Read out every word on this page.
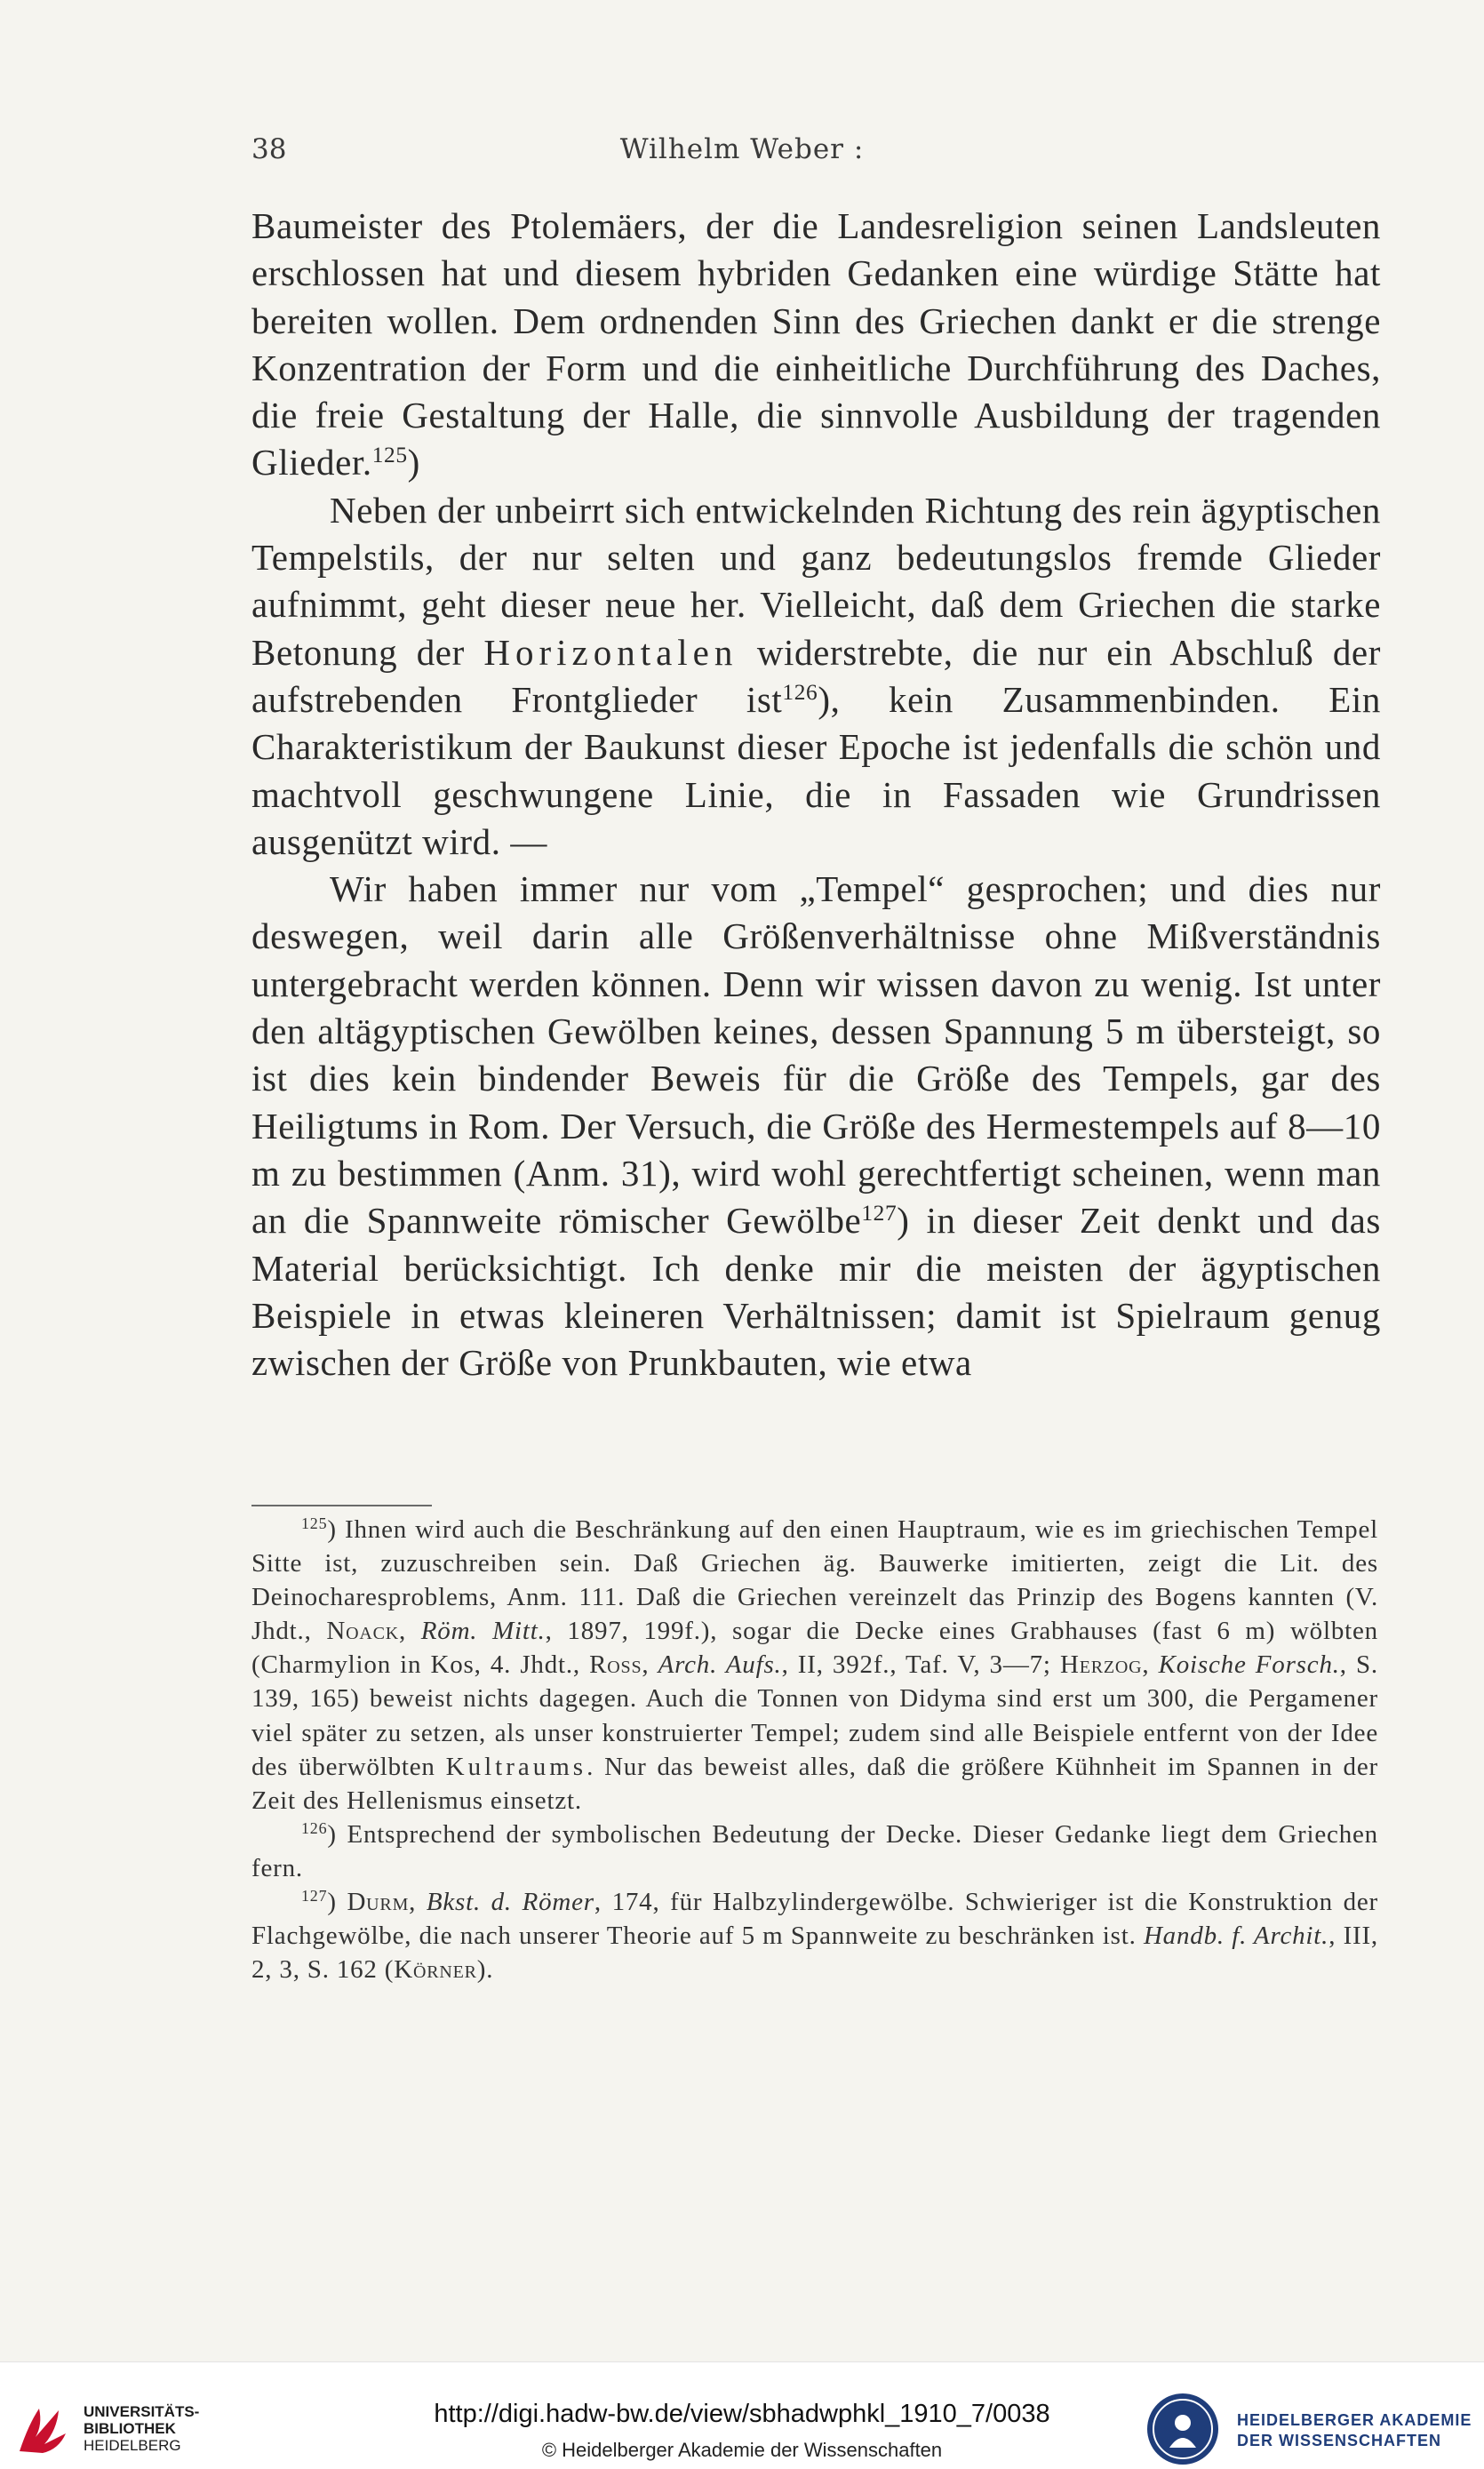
38	Wilhelm Weber :

Baumeister des Ptolemäers, der die Landesreligion seinen Landsleuten erschlossen hat und diesem hybriden Gedanken eine würdige Stätte hat bereiten wollen. Dem ordnenden Sinn des Griechen dankt er die strenge Konzentration der Form und die einheitliche Durchführung des Daches, die freie Gestaltung der Halle, die sinnvolle Ausbildung der tragenden Glieder.$^{125}$)

Neben der unbeirrt sich entwickelnden Richtung des rein ägyptischen Tempelstils, der nur selten und ganz bedeutungslos fremde Glieder aufnimmt, geht dieser neue her. Vielleicht, daß dem Griechen die starke Betonung der Horizontalen widerstrebte, die nur ein Abschluß der aufstrebenden Frontglieder ist$^{126}$), kein Zusammenbinden. Ein Charakteristikum der Baukunst dieser Epoche ist jedenfalls die schön und machtvoll geschwungene Linie, die in Fassaden wie Grundrissen ausgenützt wird. —

Wir haben immer nur vom „Tempel“ gesprochen; und dies nur deswegen, weil darin alle Größenverhältnisse ohne Mißverständnis untergebracht werden können. Denn wir wissen davon zu wenig. Ist unter den altägyptischen Gewölben keines, dessen Spannung 5 m übersteigt, so ist dies kein bindender Beweis für die Größe des Tempels, gar des Heiligtums in Rom. Der Versuch, die Größe des Hermestempels auf 8—10 m zu bestimmen (Anm. 31), wird wohl gerechtfertigt scheinen, wenn man an die Spannweite römischer Gewölbe$^{127}$) in dieser Zeit denkt und das Material berücksichtigt. Ich denke mir die meisten der ägyptischen Beispiele in etwas kleineren Verhältnissen; damit ist Spielraum genug zwischen der Größe von Prunkbauten, wie etwa

$^{125}$) Ihnen wird auch die Beschränkung auf den einen Hauptraum, wie es im griechischen Tempel Sitte ist, zuzuschreiben sein. Daß Griechen äg. Bauwerke imitierten, zeigt die Lit. des Deinocharesproblems, Anm. 111. Daß die Griechen vereinzelt das Prinzip des Bogens kannten (V. Jhdt., Noack, Röm. Mitt., 1897, 199f.), sogar die Decke eines Grabhauses (fast 6 m) wölbten (Charmylion in Kos, 4. Jhdt., Ross, Arch. Aufs., II, 392f., Taf. V, 3—7; Herzog, Koische Forsch., S. 139, 165) beweist nichts dagegen. Auch die Tonnen von Didyma sind erst um 300, die Pergamener viel später zu setzen, als unser konstruierter Tempel; zudem sind alle Beispiele entfernt von der Idee des überwölbten Kultraums. Nur das beweist alles, daß die größere Kühnheit im Spannen in der Zeit des Hellenismus einsetzt.

$^{126}$) Entsprechend der symbolischen Bedeutung der Decke. Dieser Gedanke liegt dem Griechen fern.

$^{127}$) Durm, Bkst. d. Römer, 174, für Halbzylindergewölbe. Schwieriger ist die Konstruktion der Flachgewölbe, die nach unserer Theorie auf 5 m Spannweite zu beschränken ist. Handb. f. Archit., III, 2, 3, S. 162 (Körner).

UNIVERSITÄTS-
BIBLIOTHEK
HEIDELBERG
http://digi.hadw-bw.de/view/sbhadwphkl_1910_7/0038
© Heidelberger Akademie der Wissenschaften
HEIDELBERGER AKADEMIE
DER WISSENSCHAFTEN
